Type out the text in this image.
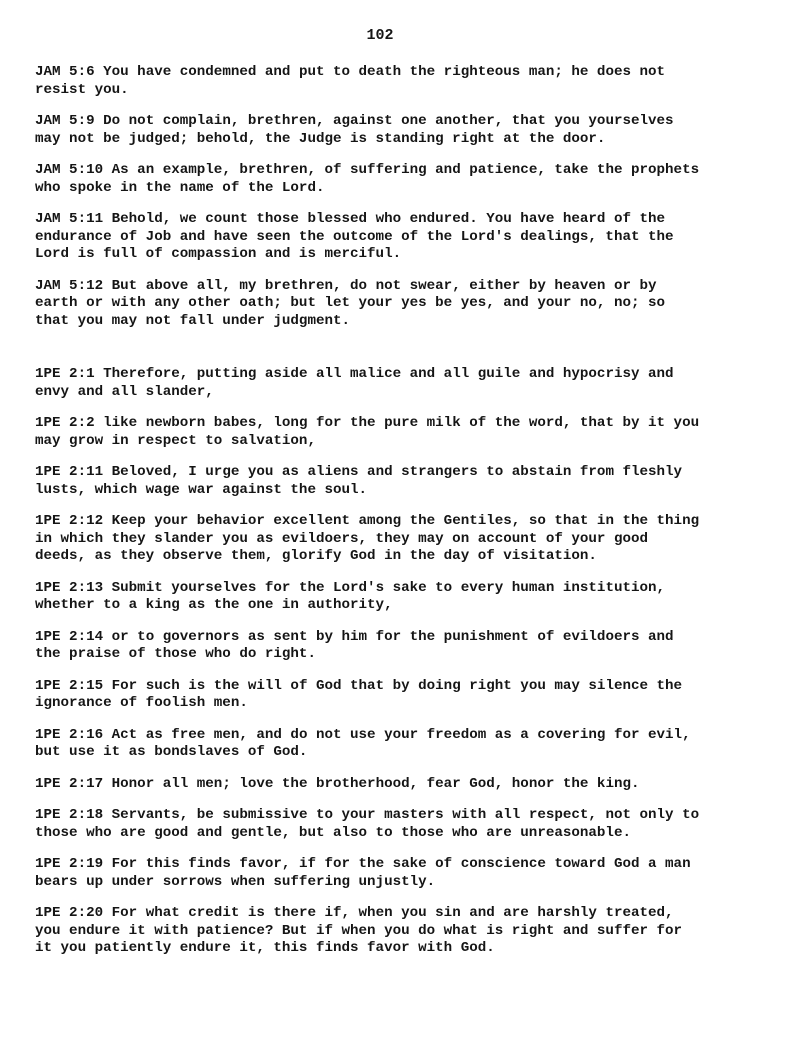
102

JAM 5:6 You have condemned and put to death the righteous man; he does not
resist you.

JAM 5:9 Do not complain, brethren, against one another, that you yourselves
may not be judged; behold, the Judge is standing right at the door.

JAM 5:10 As an example, brethren, of suffering and patience, take the prophets
who spoke in the name of the Lord.

JAM 5:11 Behold, we count those blessed who endured. You have heard of the
endurance of Job and have seen the outcome of the Lord's dealings, that the
Lord is full of compassion and is merciful.

JAM 5:12 But above all, my brethren, do not swear, either by heaven or by
earth or with any other oath; but let your yes be yes, and your no, no; so
that you may not fall under judgment.

1PE 2:1 Therefore, putting aside all malice and all guile and hypocrisy and
envy and all slander,

1PE 2:2 like newborn babes, long for the pure milk of the word, that by it you
may grow in respect to salvation,

1PE 2:11 Beloved, I urge you as aliens and strangers to abstain from fleshly
lusts, which wage war against the soul.

1PE 2:12 Keep your behavior excellent among the Gentiles, so that in the thing
in which they slander you as evildoers, they may on account of your good
deeds, as they observe them, glorify God in the day of visitation.

1PE 2:13 Submit yourselves for the Lord's sake to every human institution,
whether to a king as the one in authority,

1PE 2:14 or to governors as sent by him for the punishment of evildoers and
the praise of those who do right.

1PE 2:15 For such is the will of God that by doing right you may silence the
ignorance of foolish men.

1PE 2:16 Act as free men, and do not use your freedom as a covering for evil,
but use it as bondslaves of God.

1PE 2:17 Honor all men; love the brotherhood, fear God, honor the king.

1PE 2:18 Servants, be submissive to your masters with all respect, not only to
those who are good and gentle, but also to those who are unreasonable.

1PE 2:19 For this finds favor, if for the sake of conscience toward God a man
bears up under sorrows when suffering unjustly.

1PE 2:20 For what credit is there if, when you sin and are harshly treated,
you endure it with patience? But if when you do what is right and suffer for
it you patiently endure it, this finds favor with God.
